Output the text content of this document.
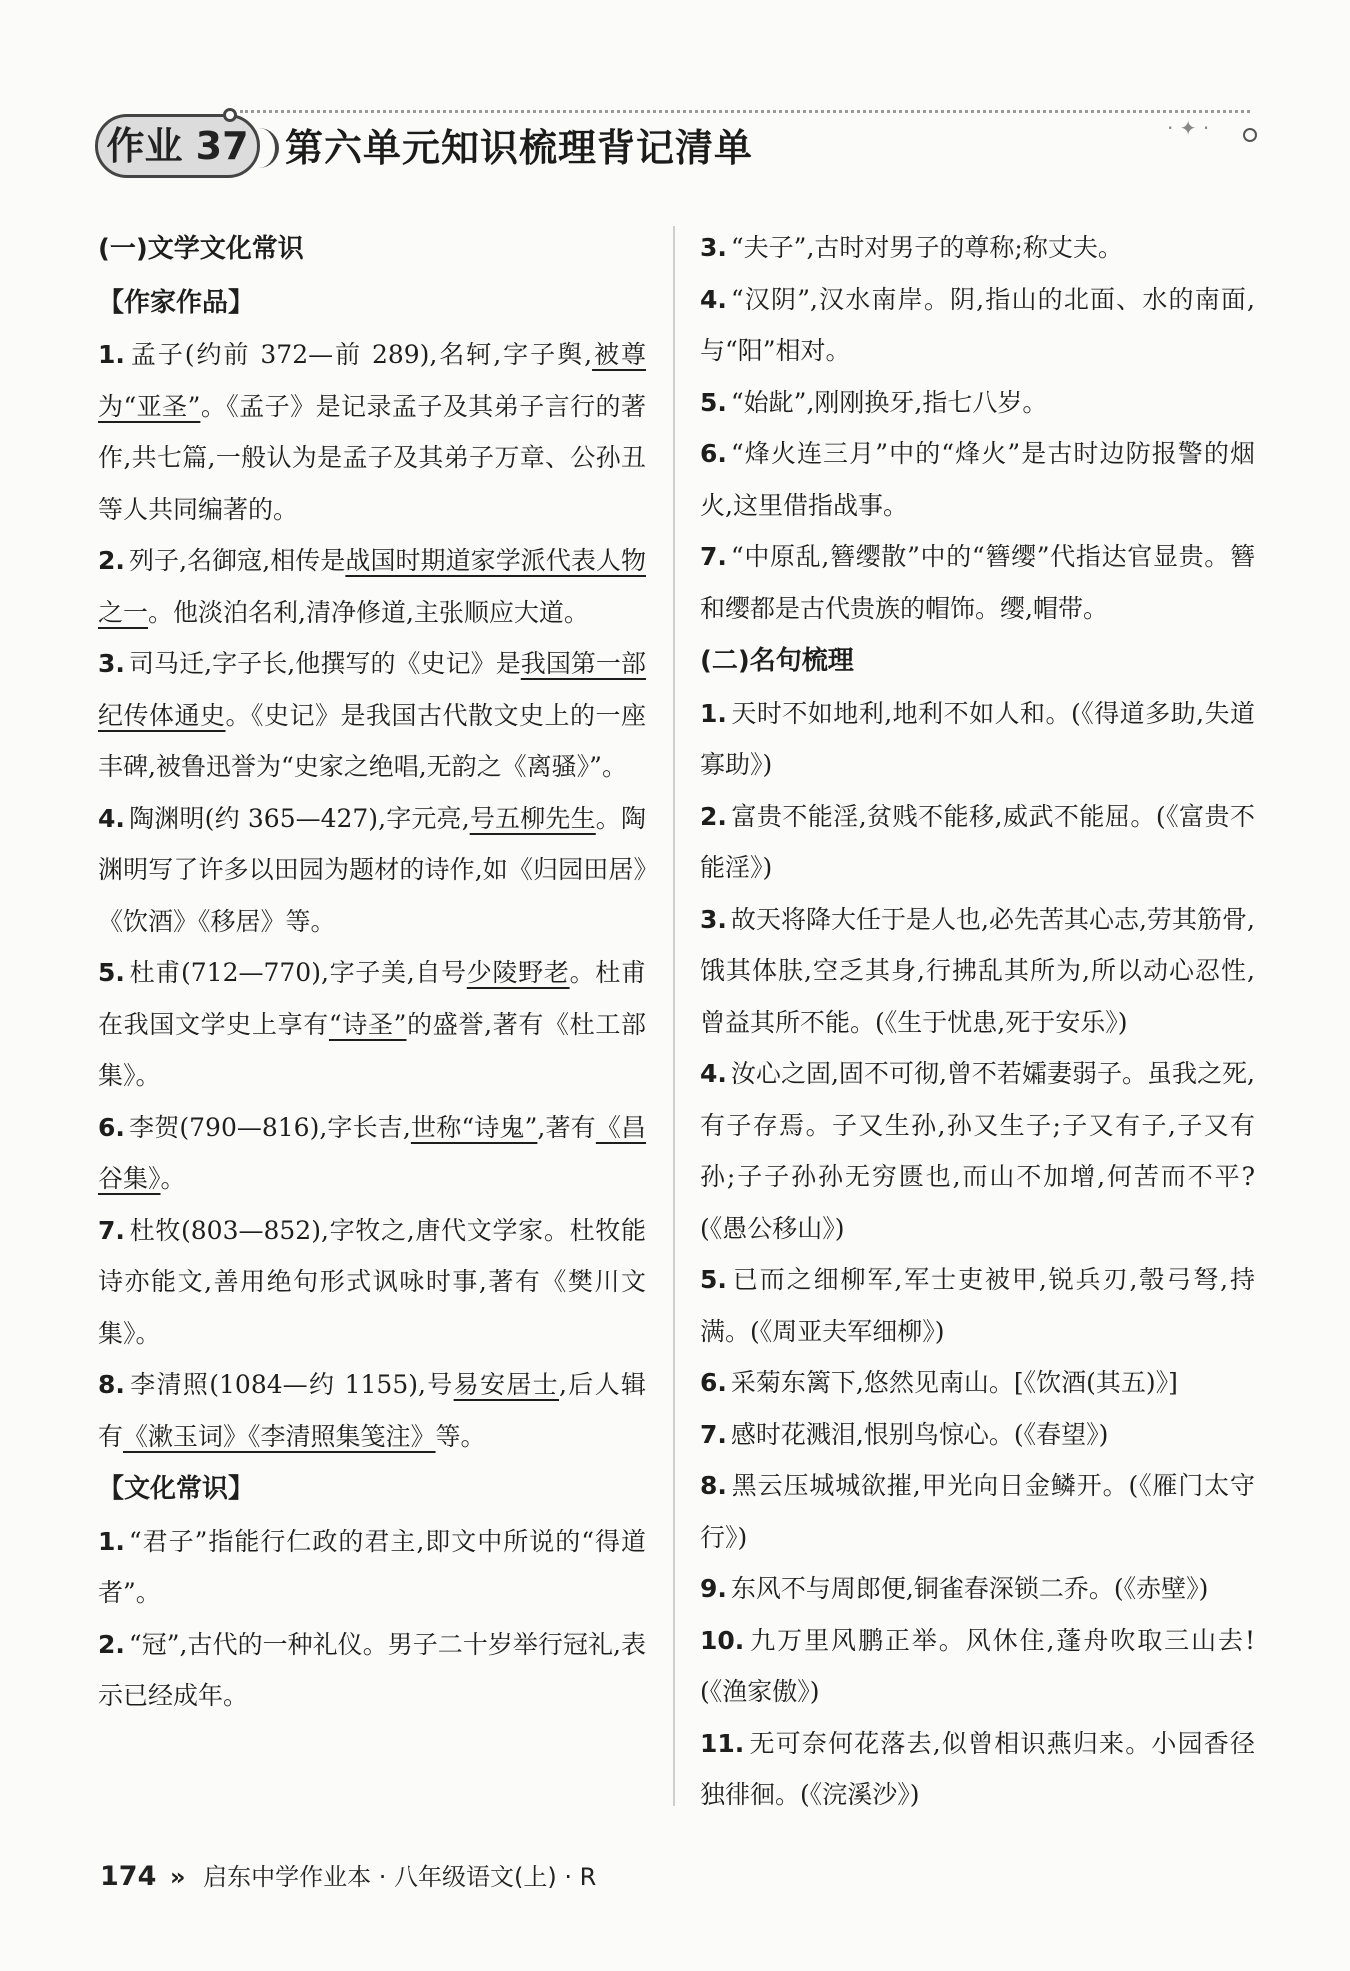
作业 37 第六单元知识梳理背记清单	· ✦ ·
(一)文学文化常识
【作家作品】
1. 孟子(约前 372—前 289),名轲,字子舆,被尊为“亚圣”。《孟子》是记录孟子及其弟子言行的著作,共七篇,一般认为是孟子及其弟子万章、公孙丑等人共同编著的。
2. 列子,名御寇,相传是战国时期道家学派代表人物之一。他淡泊名利,清净修道,主张顺应大道。
3. 司马迁,字子长,他撰写的《史记》是我国第一部纪传体通史。《史记》是我国古代散文史上的一座丰碑,被鲁迅誉为“史家之绝唱,无韵之《离骚》”。
4. 陶渊明(约 365—427),字元亮,号五柳先生。陶渊明写了许多以田园为题材的诗作,如《归园田居》《饮酒》《移居》等。
5. 杜甫(712—770),字子美,自号少陵野老。杜甫在我国文学史上享有“诗圣”的盛誉,著有《杜工部集》。
6. 李贺(790—816),字长吉,世称“诗鬼”,著有《昌谷集》。
7. 杜牧(803—852),字牧之,唐代文学家。杜牧能诗亦能文,善用绝句形式讽咏时事,著有《樊川文集》。
8. 李清照(1084—约 1155),号易安居士,后人辑有《漱玉词》《李清照集笺注》等。
【文化常识】
1. “君子”指能行仁政的君主,即文中所说的“得道者”。
2. “冠”,古代的一种礼仪。男子二十岁举行冠礼,表示已经成年。
3. “夫子”,古时对男子的尊称;称丈夫。
4. “汉阴”,汉水南岸。阴,指山的北面、水的南面,与“阳”相对。
5. “始龀”,刚刚换牙,指七八岁。
6. “烽火连三月”中的“烽火”是古时边防报警的烟火,这里借指战事。
7. “中原乱,簪缨散”中的“簪缨”代指达官显贵。簪和缨都是古代贵族的帽饰。缨,帽带。
(二)名句梳理
1. 天时不如地利,地利不如人和。(《得道多助,失道寡助》)
2. 富贵不能淫,贫贱不能移,威武不能屈。(《富贵不能淫》)
3. 故天将降大任于是人也,必先苦其心志,劳其筋骨,饿其体肤,空乏其身,行拂乱其所为,所以动心忍性,曾益其所不能。(《生于忧患,死于安乐》)
4. 汝心之固,固不可彻,曾不若孀妻弱子。虽我之死,有子存焉。子又生孙,孙又生子;子又有子,子又有孙;子子孙孙无穷匮也,而山不加增,何苦而不平?(《愚公移山》)
5. 已而之细柳军,军士吏被甲,锐兵刃,彀弓弩,持满。(《周亚夫军细柳》)
6. 采菊东篱下,悠然见南山。[《饮酒(其五)》]
7. 感时花溅泪,恨别鸟惊心。(《春望》)
8. 黑云压城城欲摧,甲光向日金鳞开。(《雁门太守行》)
9. 东风不与周郎便,铜雀春深锁二乔。(《赤壁》)
10. 九万里风鹏正举。风休住,蓬舟吹取三山去!(《渔家傲》)
11. 无可奈何花落去,似曾相识燕归来。小园香径独徘徊。(《浣溪沙》)
174 » 启东中学作业本 · 八年级语文(上) · R
